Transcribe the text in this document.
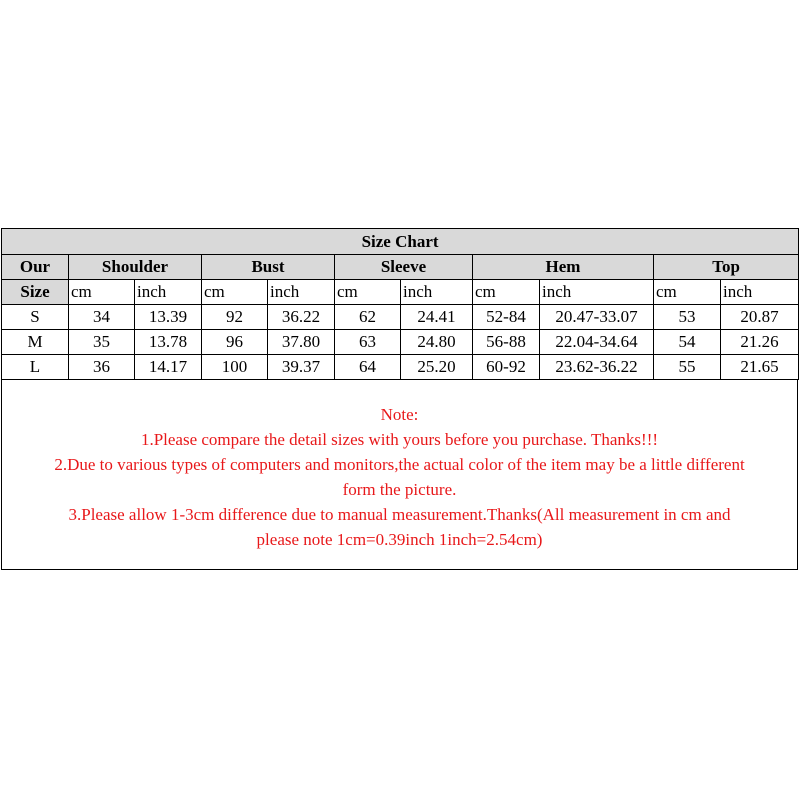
Size Chart										
Our	Shoulder		Bust		Sleeve		Hem		Top	
Size	cm	inch	cm	inch	cm	inch	cm	inch	cm	inch
S	34	13.39	92	36.22	62	24.41	52-84	20.47-33.07	53	20.87
M	35	13.78	96	37.80	63	24.80	56-88	22.04-34.64	54	21.26
L	36	14.17	100	39.37	64	25.20	60-92	23.62-36.22	55	21.65
Note:
1.Please compare the detail sizes with yours before you purchase. Thanks!!!
2.Due to various types of computers and monitors,the actual color of the item may be a little different
form the picture.
3.Please allow 1-3cm difference due to manual measurement.Thanks(All measurement in cm and
please note 1cm=0.39inch 1inch=2.54cm)
